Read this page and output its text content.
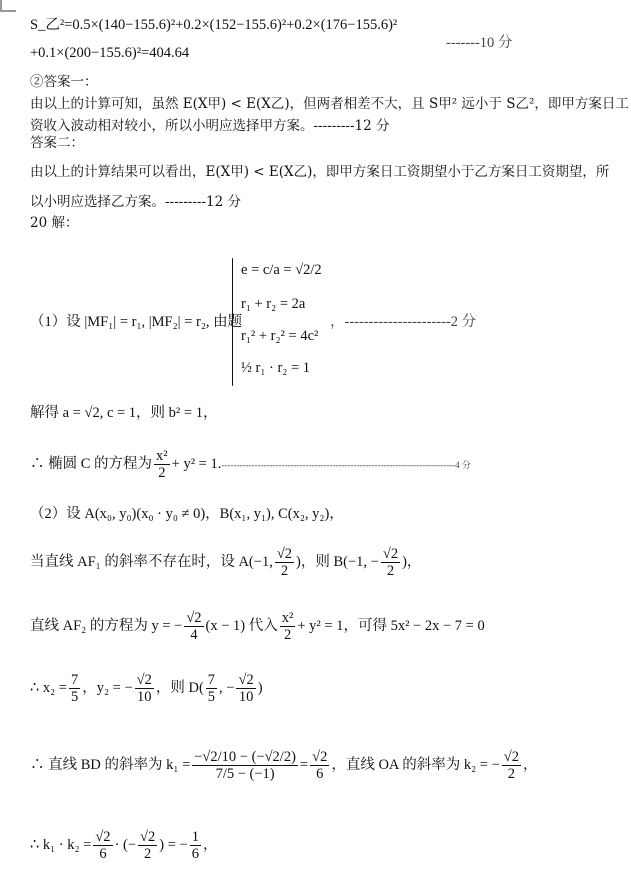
S_乙²=0.5×(140−155.6)²+0.2×(152−155.6)²+0.2×(176−155.6)²
-------10 分
+0.1×(200−155.6)²=404.64
②答案一：
由以上的计算可知，虽然 E(X甲) < E(X乙)，但两者相差不大，且 S甲² 远小于 S乙²，即甲方案日工
资收入波动相对较小，所以小明应选择甲方案。---------12 分
答案二：
由以上的计算结果可以看出，E(X甲) < E(X乙)，即甲方案日工资期望小于乙方案日工资期望，所
以小明应选择乙方案。---------12 分
20 解：
（1）设 |MF₁| = r₁, |MF₂| = r₂, 由题
e = c/a = √2/2
r₁ + r₂ = 2a
r₁² + r₂² = 4c²
½ r₁ · r₂ = 1
，----------------------2 分
解得 a = √2, c = 1，则 b² = 1，
∴ 椭圆 C 的方程为 $\frac{\text{x²}}{2} + y^2 = 1.------------------------------------------------------------------------------4$ 分
（2）设 A(x₀, y₀)(x₀ · y₀ ≠ 0)，B(x₁, y₁), C(x₂, y₂)，
当直线 AF₁ 的斜率不存在时，设 A(−1, $\frac{√2}{2}$ )，则 B(−1, − $\frac{√2}{2}$ )，
直线 AF₂ 的方程为 y = − $\frac{√2}{4} (x - 1)$ 代入 $\frac{\text{x²}}{2} + y^2 = 1$，可得 5x² − 2x − 7 = 0
∴ $x_2 = \frac{7}{5}$ ，y₂ = − $\frac{√2}{10}$ ，则 $D( \frac{7}{5}$ , − $\frac{√2}{10}$ )
∴ 直线 BD 的斜率为 $k_1 = \frac{-√2/10 - (-√2/2)}{7/5 - (-1)} = \frac{√2}{6}$ ，直线 OA 的斜率为 k₂ = − $\frac{√2}{2}$ ，
∴ $k_1 \cdot k_2 = \frac{√2}{6}$ · (− $\frac{√2}{2}$ ) = − $\frac{1}{6}$ ，
